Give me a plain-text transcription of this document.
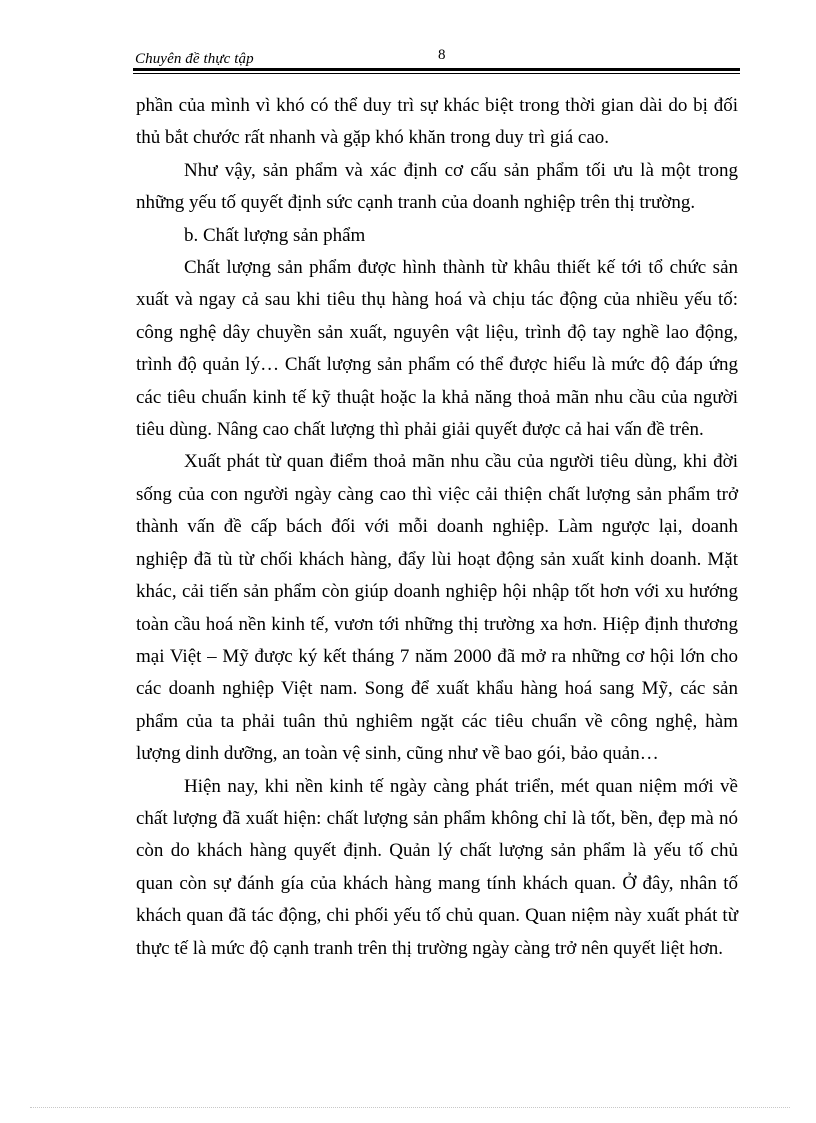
Chuyên đề thực tập	8

phần của mình vì khó có thể duy trì sự khác biệt trong thời gian dài do bị đối thủ bắt chước rất nhanh và gặp khó khăn trong duy trì giá cao.

Như vậy, sản phẩm và xác định cơ cấu sản phẩm tối ưu là một trong những yếu tố quyết định sức cạnh tranh của doanh nghiệp trên thị trường.

b. Chất lượng sản phẩm

Chất lượng sản phẩm được hình thành từ khâu thiết kế tới tổ chức sản xuất và ngay cả sau khi tiêu thụ hàng hoá và chịu tác động của nhiều yếu tố: công nghệ dây chuyền sản xuất, nguyên vật liệu, trình độ tay nghề lao động, trình độ quản lý… Chất lượng sản phẩm có thể được hiểu là mức độ đáp ứng các tiêu chuẩn kinh tế kỹ thuật hoặc la khả năng thoả mãn nhu cầu của người tiêu dùng. Nâng cao chất lượng thì phải giải quyết được cả hai vấn đề trên.

Xuất phát từ quan điểm thoả mãn nhu cầu của người tiêu dùng, khi đời sống của con người ngày càng cao thì việc cải thiện chất lượng sản phẩm trở thành vấn đề cấp bách đối với mỗi doanh nghiệp. Làm ngược lại, doanh nghiệp đã tù từ chối khách hàng, đẩy lùi hoạt động sản xuất kinh doanh. Mặt khác, cải tiến sản phẩm còn giúp doanh nghiệp hội nhập tốt hơn với xu hướng toàn cầu hoá nền kinh tế, vươn tới những thị trường xa hơn. Hiệp định thương mại Việt – Mỹ được ký kết tháng 7 năm 2000 đã mở ra những cơ hội lớn cho các doanh nghiệp Việt nam. Song để xuất khẩu hàng hoá sang Mỹ, các sản phẩm của ta phải tuân thủ nghiêm ngặt các tiêu chuẩn về công nghệ, hàm lượng dinh dưỡng, an toàn vệ sinh, cũng như về bao gói, bảo quản…

Hiện nay, khi nền kinh tế ngày càng phát triển, mét quan niệm mới về chất lượng đã xuất hiện: chất lượng sản phẩm không chỉ là tốt, bền, đẹp mà nó còn do khách hàng quyết định. Quản lý chất lượng sản phẩm là yếu tố chủ quan còn sự đánh gía của khách hàng mang tính khách quan. Ở đây, nhân tố khách quan đã tác động, chi phối yếu tố chủ quan. Quan niệm này xuất phát từ thực tế là mức độ cạnh tranh trên thị trường ngày càng trở nên quyết liệt hơn.
